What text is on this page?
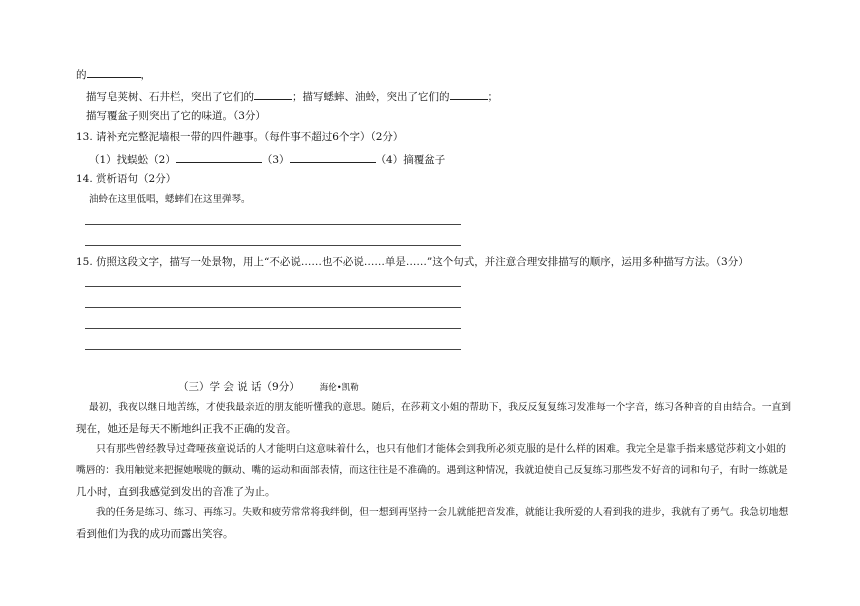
的	，
描写皂荚树、石井栏，突出了它们的	；描写蟋蟀、油蛉，突出了它们的	；
描写覆盆子则突出了它的味道。（3分）
13. 请补充完整泥墙根一带的四件趣事。（每件事不超过6个字）（2分）
（1）找蜈蚣（2）	（3）	（4）摘覆盆子
14. 赏析语句（2分）
油蛉在这里低唱，蟋蟀们在这里弹琴。
15. 仿照这段文字，描写一处景物，用上“不必说……也不必说……单是……”这个句式，并注意合理安排描写的顺序，运用多种描写方法。（3分）
（三）学 会 说 话（9分） 海伦•凯勒
最初，我夜以继日地苦练，才使我最亲近的朋友能听懂我的意思。随后，在莎莉文小姐的帮助下，我反反复复练习发准每一个字音，练习各种音的自由结合。一直到
现在，她还是每天不断地纠正我不正确的发音。
只有那些曾经教导过聋哑孩童说话的人才能明白这意味着什么，也只有他们才能体会到我所必须克服的是什么样的困难。我完全是靠手指来感觉莎莉文小姐的
嘴唇的：我用触觉来把握她喉咙的颤动、嘴的运动和面部表情，而这往往是不准确的。遇到这种情况，我就迫使自己反复练习那些发不好音的词和句子，有时一练就是
几小时，直到我感觉到发出的音准了为止。
我的任务是练习、练习、再练习。失败和疲劳常常将我绊倒，但一想到再坚持一会儿就能把音发准，就能让我所爱的人看到我的进步，我就有了勇气。我急切地想
看到他们为我的成功而露出笑容。
